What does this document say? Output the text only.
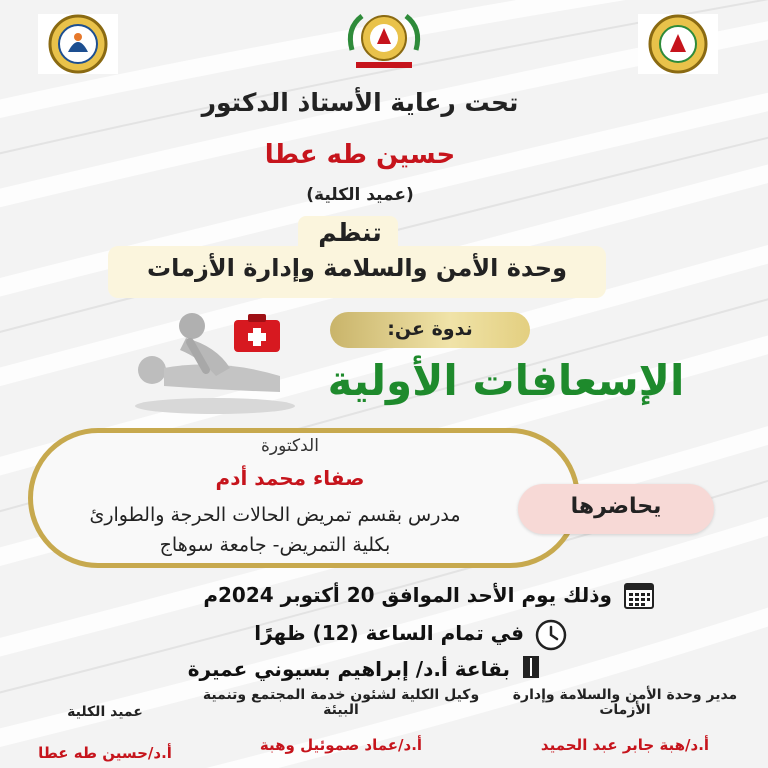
تحت رعاية الأستاذ الدكتور
حسين طه عطا
(عميد الكلية)
تنظم
وحدة الأمن والسلامة وإدارة الأزمات
ندوة عن:
الإسعافات الأولية
الدكتورة
صفاء محمد أدم
مدرس بقسم تمريض الحالات الحرجة والطوارئ
بكلية التمريض- جامعة سوهاج
يحاضرها
وذلك يوم الأحد الموافق 20 أكتوبر 2024م
في تمام الساعة (12) ظهرًا
بقاعة أ.د/ إبراهيم بسيوني عميرة
مدير وحدة الأمن والسلامة وإدارة الأزمات
أ.د/هبة جابر عبد الحميد
وكيل الكلية لشئون خدمة المجتمع وتنمية البيئة
أ.د/عماد صموئيل وهبة
عميد الكلية
أ.د/حسين طه عطا
